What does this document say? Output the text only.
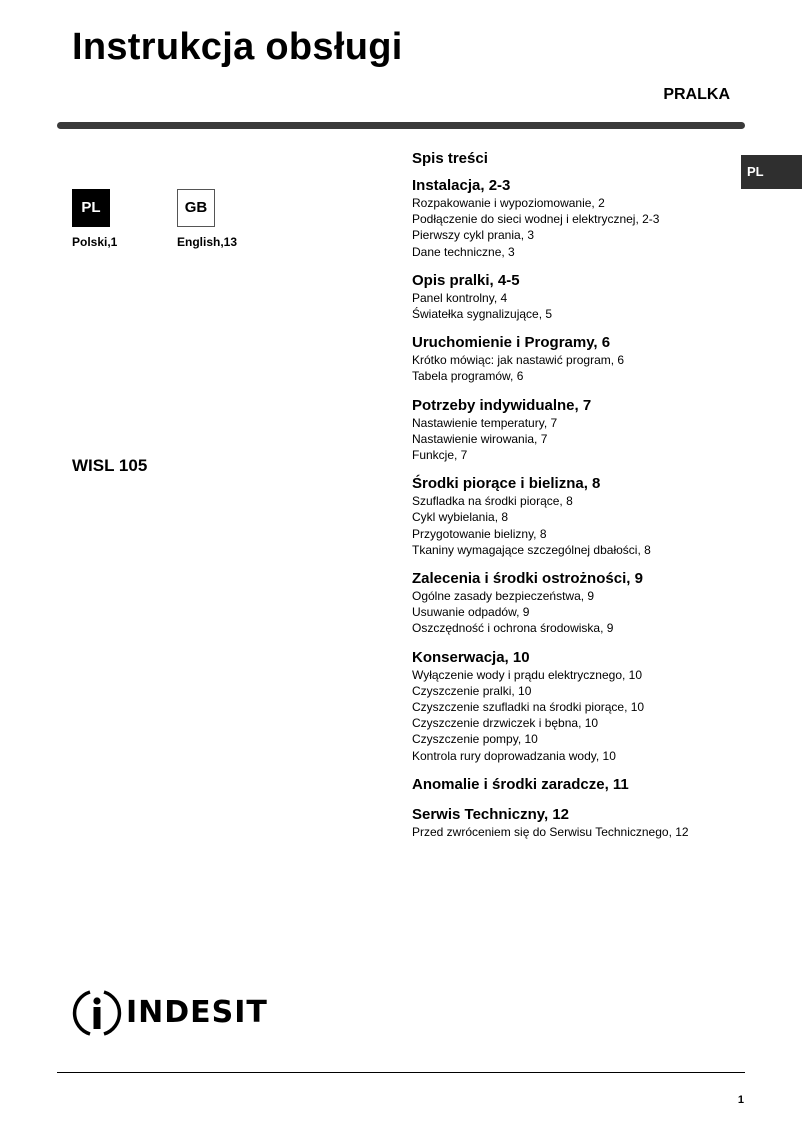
Instrukcja obsługi
PRALKA
PL
PL	GB
Polski,1	English,13
WISL 105
Spis treści
Instalacja, 2-3
Rozpakowanie i wypoziomowanie, 2
Podłączenie do sieci wodnej i elektrycznej, 2-3
Pierwszy cykl prania, 3
Dane techniczne, 3
Opis pralki, 4-5
Panel kontrolny, 4
Światełka sygnalizujące, 5
Uruchomienie i Programy, 6
Krótko mówiąc: jak nastawić program, 6
Tabela programów, 6
Potrzeby indywidualne, 7
Nastawienie temperatury, 7
Nastawienie wirowania, 7
Funkcje, 7
Środki piorące i bielizna, 8
Szufladka na środki piorące, 8
Cykl wybielania, 8
Przygotowanie bielizny, 8
Tkaniny wymagające szczególnej dbałości, 8
Zalecenia i środki ostrożności, 9
Ogólne zasady bezpieczeństwa, 9
Usuwanie odpadów, 9
Oszczędność i ochrona środowiska, 9
Konserwacja, 10
Wyłączenie wody i prądu elektrycznego, 10
Czyszczenie pralki, 10
Czyszczenie szufladki na środki piorące, 10
Czyszczenie drzwiczek i bębna, 10
Czyszczenie pompy, 10
Kontrola rury doprowadzania wody, 10
Anomalie i środki zaradcze, 11
Serwis Techniczny, 12
Przed zwróceniem się do Serwisu Technicznego, 12
INDESIT
1
